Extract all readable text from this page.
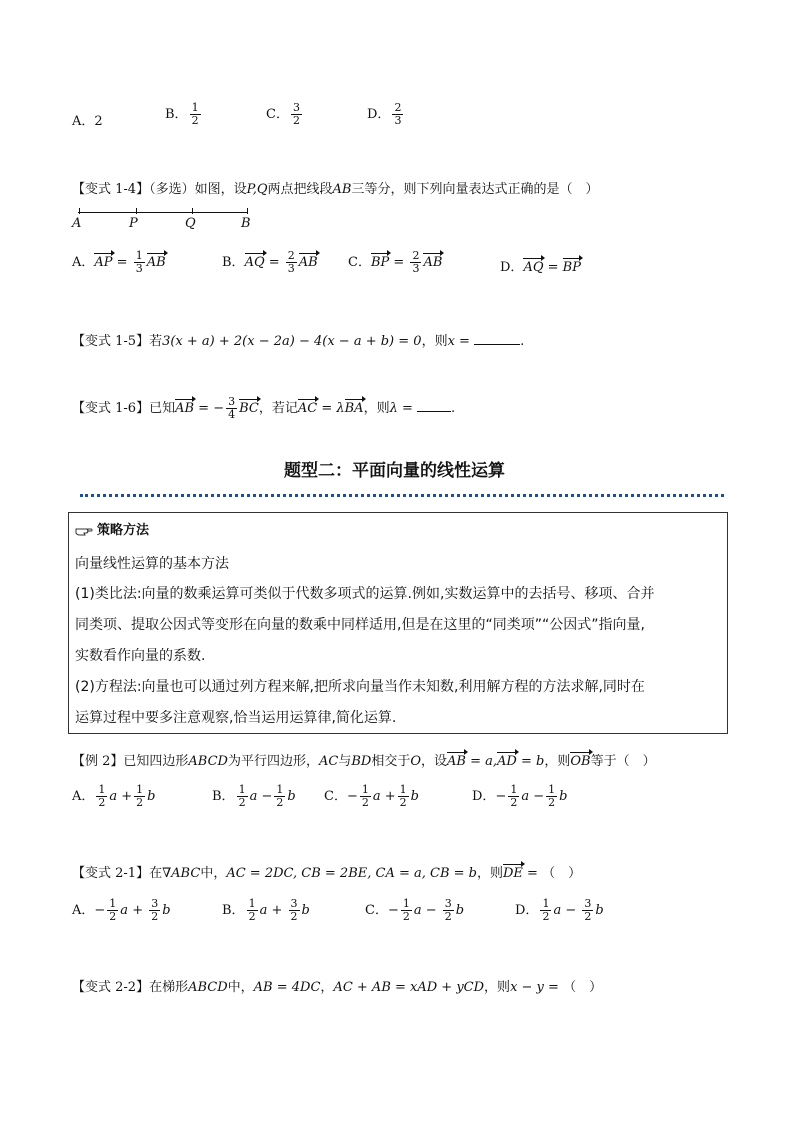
A．2	B． $\frac{1}{2}$	C． $\frac{3}{2}$	D． $\frac{2}{3}$
【变式 1-4】（多选）如图，设P,Q两点把线段AB三等分，则下列向量表达式正确的是（　）
A	P	Q	B
A．AP = $\frac{1}{3}$ AB	B．AQ = $\frac{2}{3}$ AB C．BP = $\frac{2}{3}$ AB	D．AQ = BP
【变式 1-5】若3(x + a) + 2(x − 2a) − 4(x − a + b) = 0，则x =	.
【变式 1-6】已知AB = − $\frac{3}{4}$ BC，若记AC = λBA，则λ =	.
题型二：平面向量的线性运算
策略方法
向量线性运算的基本方法
(1)类比法:向量的数乘运算可类似于代数多项式的运算.例如,实数运算中的去括号、移项、合并
同类项、提取公因式等变形在向量的数乘中同样适用,但是在这里的“同类项”“公因式”指向量,
实数看作向量的系数.
(2)方程法:向量也可以通过列方程来解,把所求向量当作未知数,利用解方程的方法求解,同时在
运算过程中要多注意观察,恰当运用运算律,简化运算.
【例 2】已知四边形ABCD为平行四边形，AC与BD相交于O，设AB = a,AD = b，则OB等于（　）
A． $\frac{1}{2}$ $a + \frac{1}{2}$ b	B． $\frac{1}{2}$ $a - \frac{1}{2}$ b C．− $\frac{1}{2}$ $a + \frac{1}{2}$ b	D．− $\frac{1}{2}$ $a - \frac{1}{2}$ b
【变式 2-1】在∇ABC中，AC = 2DC, CB = 2BE, CA = a, CB = b，则DE = （　）
A．− $\frac{1}{2}$ $a + \frac{3}{2}$ b	B． $\frac{1}{2}$ $a + \frac{3}{2}$ b	C．− $\frac{1}{2}$ $a - \frac{3}{2}$ b	D． $\frac{1}{2}$ $a - \frac{3}{2}$ b
【变式 2-2】在梯形ABCD中，AB = 4DC，AC + AB = xAD + yCD，则x − y = （　）
